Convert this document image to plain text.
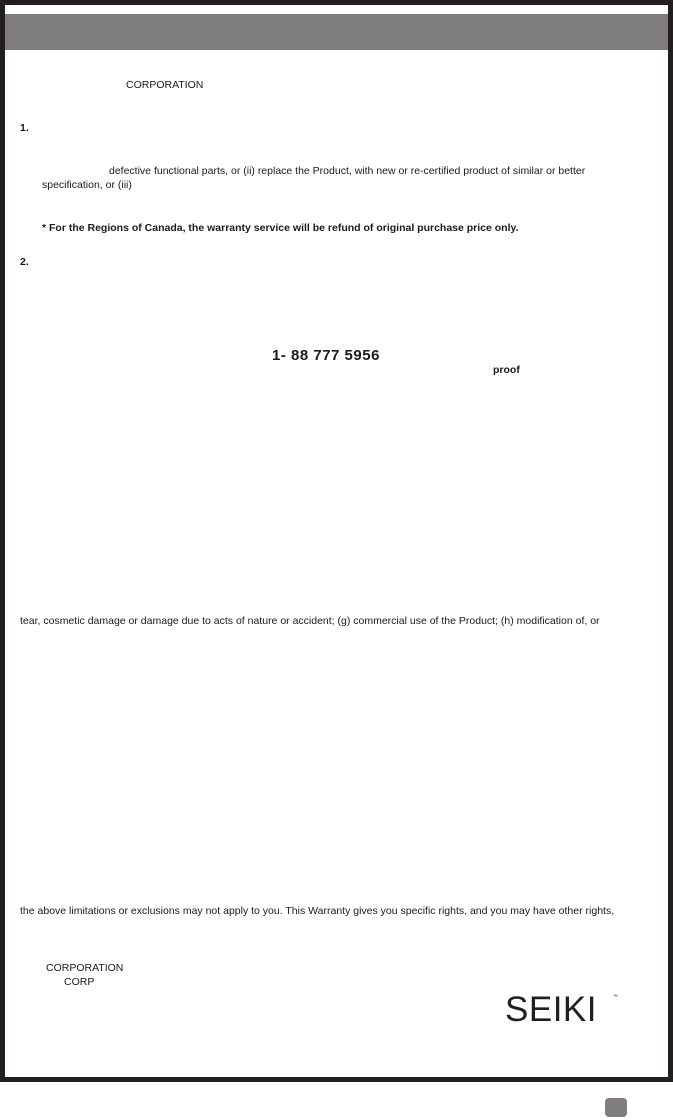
CORPORATION

1.

defective functional parts, or (ii) replace the Product, with new or re-certified product of similar or better

specification, or (iii)

* For the Regions of Canada, the warranty service will be refund of original purchase price only.

2.

1- 88 777 5956

proof

tear, cosmetic damage or damage due to acts of nature or accident; (g) commercial use of the Product; (h) modification of, or

the above limitations or exclusions may not apply to you. This Warranty gives you specific rights, and you may have other rights,

CORPORATION

CORP

SEIKI	™
